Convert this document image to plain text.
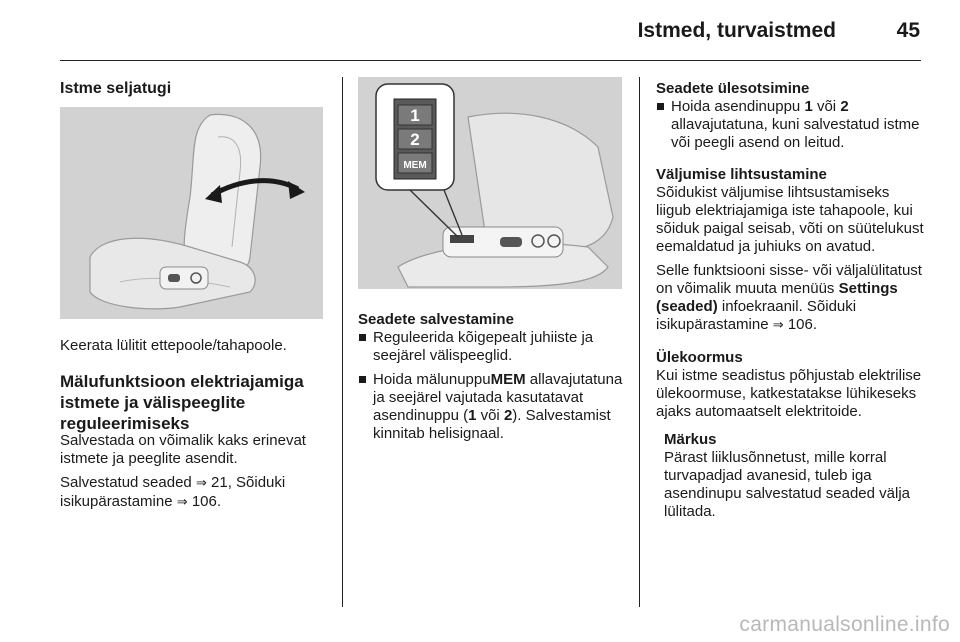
Istmed, turvaistmed	45
Istme seljatugi

Keerata lülitit ettepoole/tahapoole.

Mälufunktsioon elektriajamiga istmete ja välispeeglite reguleerimiseks

Salvestada on võimalik kaks erinevat istmete ja peeglite asendit.

Salvestatud seaded ⇒ 21, Sõiduki isikupärastamine ⇒ 106.

1
2
MEM

Seadete salvestamine

Reguleerida kõigepealt juhiiste ja seejärel välispeeglid.

Hoida mälunuppuMEM allavajutatuna ja seejärel vajutada kasutatavat asendinuppu (1 või 2). Salvestamist kinnitab helisignaal.

Seadete ülesotsimine

Hoida asendinuppu 1 või 2 allavajutatuna, kuni salvestatud istme või peegli asend on leitud.

Väljumise lihtsustamine

Sõidukist väljumise lihtsustamiseks liigub elektriajamiga iste tahapoole, kui sõiduk paigal seisab, võti on süütelukust eemaldatud ja juhiuks on avatud.

Selle funktsiooni sisse- või väljalülitatust on võimalik muuta menüüs Settings (seaded) infoekraanil. Sõiduki isikupärastamine ⇒ 106.

Ülekoormus

Kui istme seadistus põhjustab elektrilise ülekoormuse, katkestatakse lühikeseks ajaks automaatselt elektritoide.

Märkus

Pärast liiklusõnnetust, mille korral turvapadjad avanesid, tuleb iga asendinupu salvestatud seaded välja lülitada.

carmanualsonline.info
